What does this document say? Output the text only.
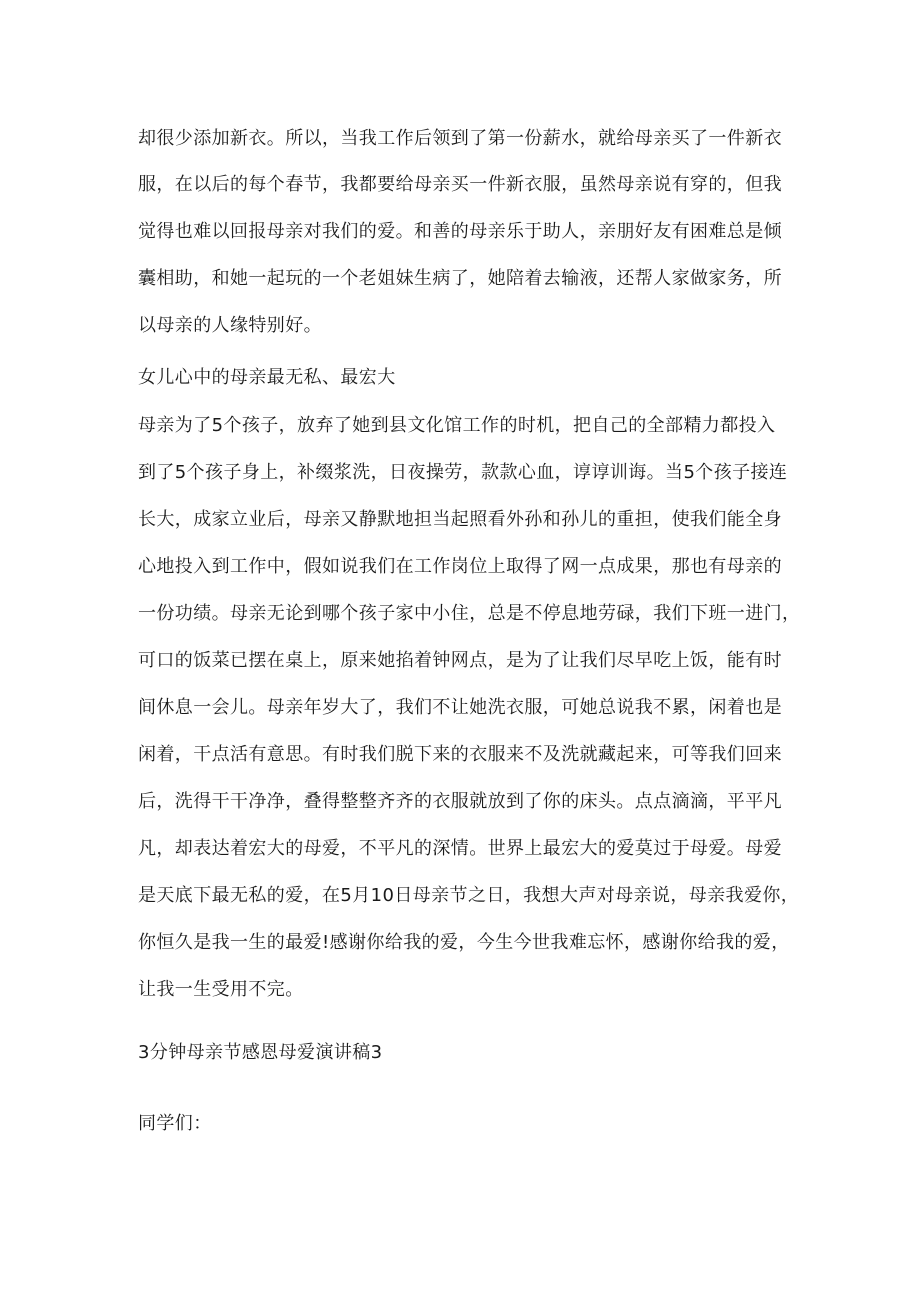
却很少添加新衣。所以，当我工作后领到了第一份薪水，就给母亲买了一件新衣
服，在以后的每个春节，我都要给母亲买一件新衣服，虽然母亲说有穿的，但我
觉得也难以回报母亲对我们的爱。和善的母亲乐于助人，亲朋好友有困难总是倾
囊相助，和她一起玩的一个老姐妹生病了，她陪着去输液，还帮人家做家务，所
以母亲的人缘特别好。
女儿心中的母亲最无私、最宏大
母亲为了5个孩子，放弃了她到县文化馆工作的时机，把自己的全部精力都投入
到了5个孩子身上，补缀浆洗，日夜操劳，款款心血，谆谆训诲。当5个孩子接连
长大，成家立业后，母亲又静默地担当起照看外孙和孙儿的重担，使我们能全身
心地投入到工作中，假如说我们在工作岗位上取得了网一点成果，那也有母亲的
一份功绩。母亲无论到哪个孩子家中小住，总是不停息地劳碌，我们下班一进门，
可口的饭菜已摆在桌上，原来她掐着钟网点，是为了让我们尽早吃上饭，能有时
间休息一会儿。母亲年岁大了，我们不让她洗衣服，可她总说我不累，闲着也是
闲着，干点活有意思。有时我们脱下来的衣服来不及洗就藏起来，可等我们回来
后，洗得干干净净，叠得整整齐齐的衣服就放到了你的床头。点点滴滴，平平凡
凡，却表达着宏大的母爱，不平凡的深情。世界上最宏大的爱莫过于母爱。母爱
是天底下最无私的爱，在5月10日母亲节之日，我想大声对母亲说，母亲我爱你，
你恒久是我一生的最爱!感谢你给我的爱，今生今世我难忘怀，感谢你给我的爱，
让我一生受用不完。
3分钟母亲节感恩母爱演讲稿3
同学们：
